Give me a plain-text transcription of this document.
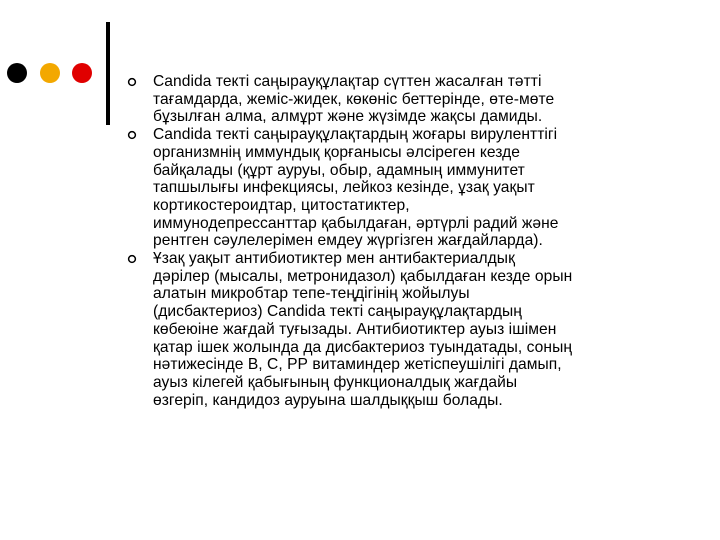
Candida текті саңырауқұлақтар сүттен жасалған тәтті
тағамдарда, жеміс-жидек, көкөніс беттерінде, өте-мөте
бұзылған алма, алмұрт және жүзімде жақсы дамиды.
Candida текті саңырауқұлақтардың жоғары вируленттігі
организмнің иммундық қорғанысы әлсіреген кезде
байқалады (құрт ауруы, обыр, адамның иммунитет
тапшылығы инфекциясы, лейкоз кезінде, ұзақ уақыт
кортикостероидтар, цитостатиктер,
иммунодепрессанттар қабылдаған, әртүрлі радий және
рентген сәулелерімен емдеу жүргізген жағдайларда).
Ұзақ уақыт антибиотиктер мен антибактериалдық
дәрілер (мысалы, метронидазол) қабылдаған кезде орын
алатын микробтар тепе-теңдігінің жойылуы
(дисбактериоз) Candida текті саңырауқұлақтардың
көбеюіне жағдай туғызады. Антибиотиктер ауыз ішімен
қатар ішек жолында да дисбактериоз туындатады, соның
нәтижесінде В, С, РР витаминдер жетіспеушілігі дамып,
ауыз кілегей қабығының функционалдық жағдайы
өзгеріп, кандидоз ауруына шалдыққыш болады.
